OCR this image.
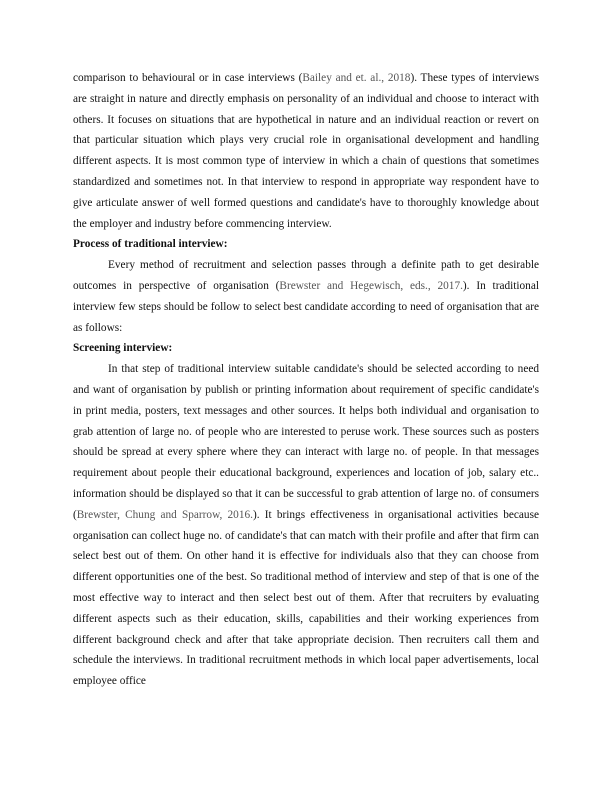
comparison to behavioural or in case interviews (Bailey and et. al., 2018). These types of interviews are straight in nature and directly emphasis on personality of an individual and choose to interact with others. It focuses on situations that are hypothetical in nature and an individual reaction or revert on that particular situation which plays very crucial role in organisational development and handling different aspects. It is most common type of interview in which a chain of questions that sometimes standardized and sometimes not. In that interview to respond in appropriate way respondent have to give articulate answer of well formed questions and candidate's have to thoroughly knowledge about the employer and industry before commencing interview.

Process of traditional interview:

Every method of recruitment and selection passes through a definite path to get desirable outcomes in perspective of organisation (Brewster and Hegewisch, eds., 2017.). In traditional interview few steps should be follow to select best candidate according to need of organisation that are as follows:

Screening interview:

In that step of traditional interview suitable candidate's should be selected according to need and want of organisation by publish or printing information about requirement of specific candidate's in print media, posters, text messages and other sources. It helps both individual and organisation to grab attention of large no. of people who are interested to peruse work. These sources such as posters should be spread at every sphere where they can interact with large no. of people. In that messages requirement about people their educational background, experiences and location of job, salary etc.. information should be displayed so that it can be successful to grab attention of large no. of consumers (Brewster, Chung and Sparrow, 2016.). It brings effectiveness in organisational activities because organisation can collect huge no. of candidate's that can match with their profile and after that firm can select best out of them. On other hand it is effective for individuals also that they can choose from different opportunities one of the best. So traditional method of interview and step of that is one of the most effective way to interact and then select best out of them. After that recruiters by evaluating different aspects such as their education, skills, capabilities and their working experiences from different background check and after that take appropriate decision. Then recruiters call them and schedule the interviews. In traditional recruitment methods in which local paper advertisements, local employee office
